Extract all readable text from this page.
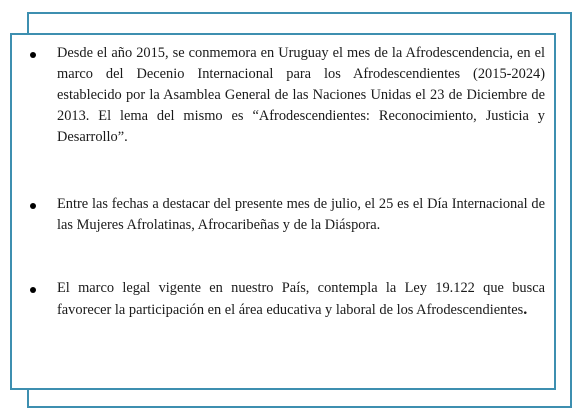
Desde el año 2015, se conmemora en Uruguay el mes de la Afrodescendencia, en el marco del Decenio Internacional para los Afrodescendientes (2015-2024) establecido por la Asamblea General de las Naciones Unidas el 23 de Diciembre de 2013. El lema del mismo es “Afrodescendientes: Reconocimiento, Justicia y Desarrollo”.

Entre las fechas a destacar del presente mes de julio, el 25 es el Día Internacional de las Mujeres Afrolatinas, Afrocaribeñas y de la Diáspora.

El marco legal vigente en nuestro País, contempla la Ley 19.122 que busca favorecer la participación en el área educativa y laboral de los Afrodescendientes.
